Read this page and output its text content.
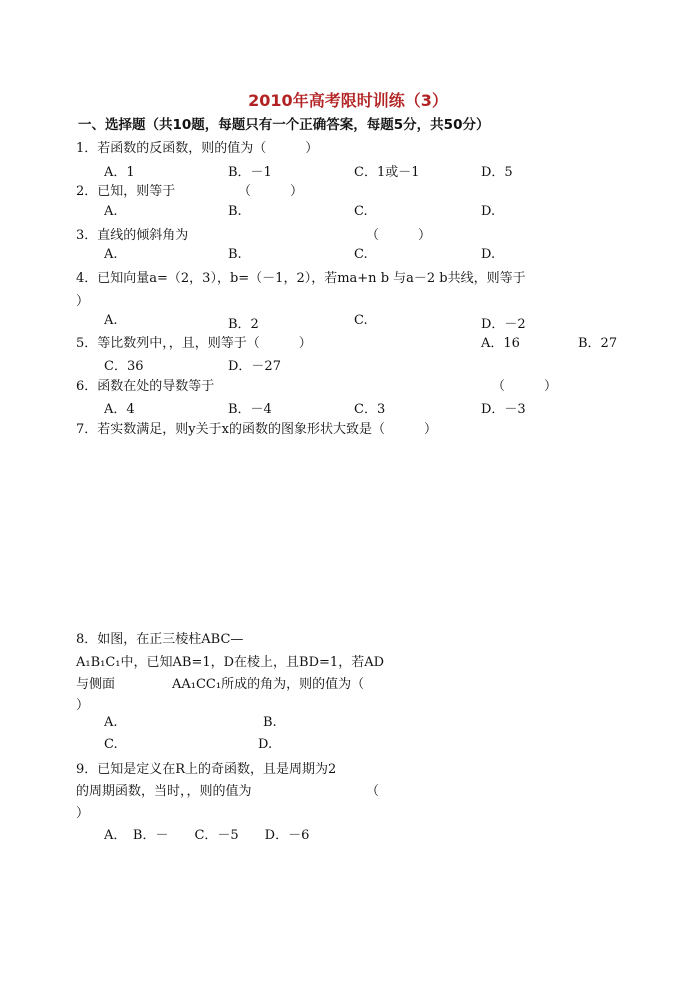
2010年高考限时训练（3）
一、选择题（共10题，每题只有一个正确答案，每题5分，共50分）
1．若函数的反函数，则的值为（　　　）
A．1	B．－1	C．1或－1	D．5
2．已知，则等于	（　　　）
A.	B.	C.	D.
3．直线的倾斜角为	（　　　）
A.	B.	C.	D.
4．已知向量a=（2，3），b=（－1，2），若ma+n b 与a－2 b共线，则等于
）
A.	B．2	C.	D．－2
5．等比数列中，，且，则等于（　　　）	A．16	B．27
C．36	D．－27
6．函数在处的导数等于	（　　　）
A．4	B．－4	C．3	D．－3
7．若实数满足，则y关于x的函数的图象形状大致是（　　　）
8．如图，在正三棱柱ABC—
A₁B₁C₁中，已知AB=1，D在棱上，且BD=1，若AD
与侧面	AA₁CC₁所成的角为，则的值为（
）
A.	B.
C.	D.
9．已知是定义在R上的奇函数，且是周期为2
的周期函数，当时，，则的值为	（
）
A．　B．－　　C．－5　　D．－6
